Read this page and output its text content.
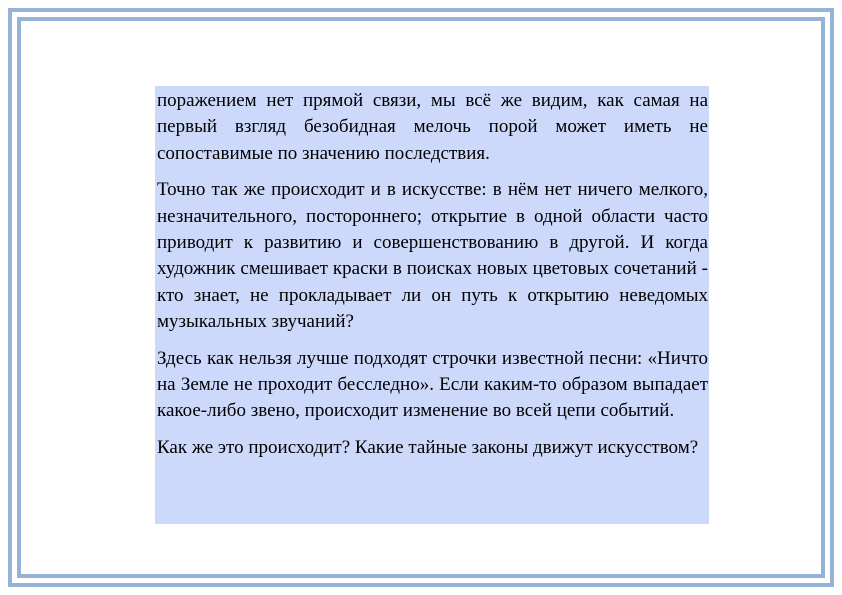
поражением нет прямой связи, мы всё же видим, как самая на первый взгляд безобидная мелочь порой может иметь не сопоставимые по значению последствия.

Точно так же происходит и в искусстве: в нём нет ничего мелкого, незначительного, постороннего; открытие в одной области часто приводит к развитию и совершенствованию в другой. И когда художник смешивает краски в поисках новых цветовых сочетаний - кто знает, не прокладывает ли он путь к открытию неведомых музыкальных звучаний?

Здесь как нельзя лучше подходят строчки известной песни: «Ничто на Земле не проходит бесследно». Если каким-то образом выпадает какое-либо звено, происходит изменение во всей цепи событий.

Как же это происходит? Какие тайные законы движут искусством?
